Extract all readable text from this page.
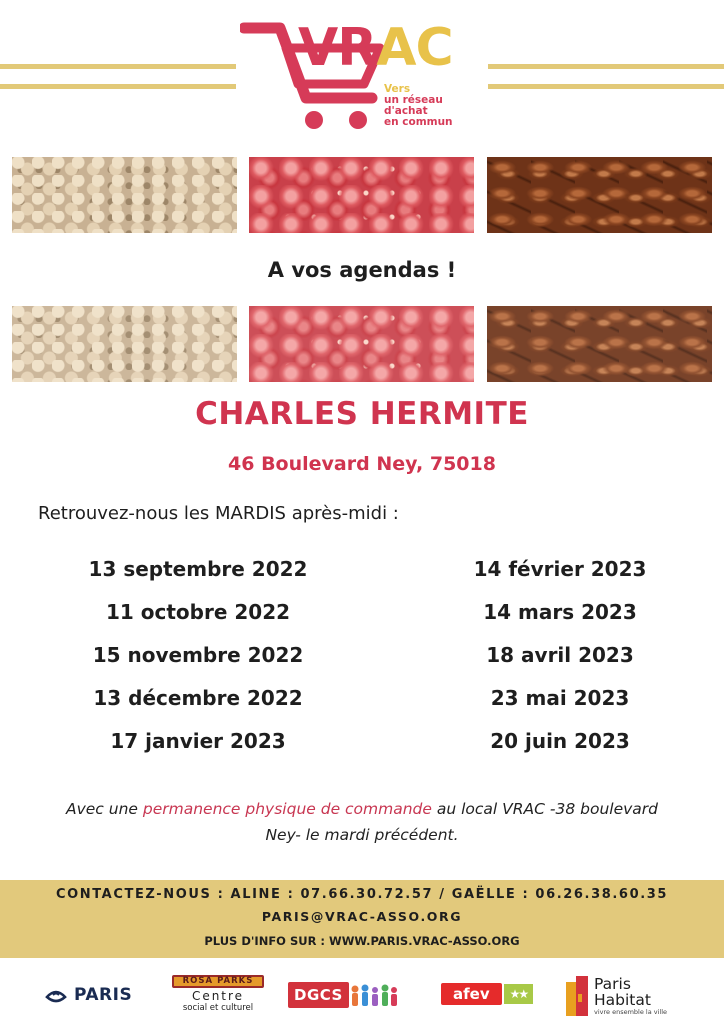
VRAC
Vers
un réseau
d'achat
en commun
A vos agendas !
CHARLES HERMITE
46 Boulevard Ney, 75018
Retrouvez-nous les MARDIS après-midi :
13 septembre 2022
11 octobre 2022
15 novembre 2022
13 décembre 2022
17 janvier 2023
14 février 2023
14 mars 2023
18 avril 2023
23 mai 2023
20 juin 2023
Avec une permanence physique de commande au local VRAC -38 boulevard
Ney- le mardi précédent.
CONTACTEZ-NOUS : ALINE : 07.66.30.72.57 / GAËLLE : 06.26.38.60.35
PARIS@VRAC-ASSO.ORG
PLUS D'INFO SUR : WWW.PARIS.VRAC-ASSO.ORG
PARIS
ROSA PARKS
Centre
social et culturel
DGCS	afev	★★
Paris
Habitat
vivre ensemble la ville
